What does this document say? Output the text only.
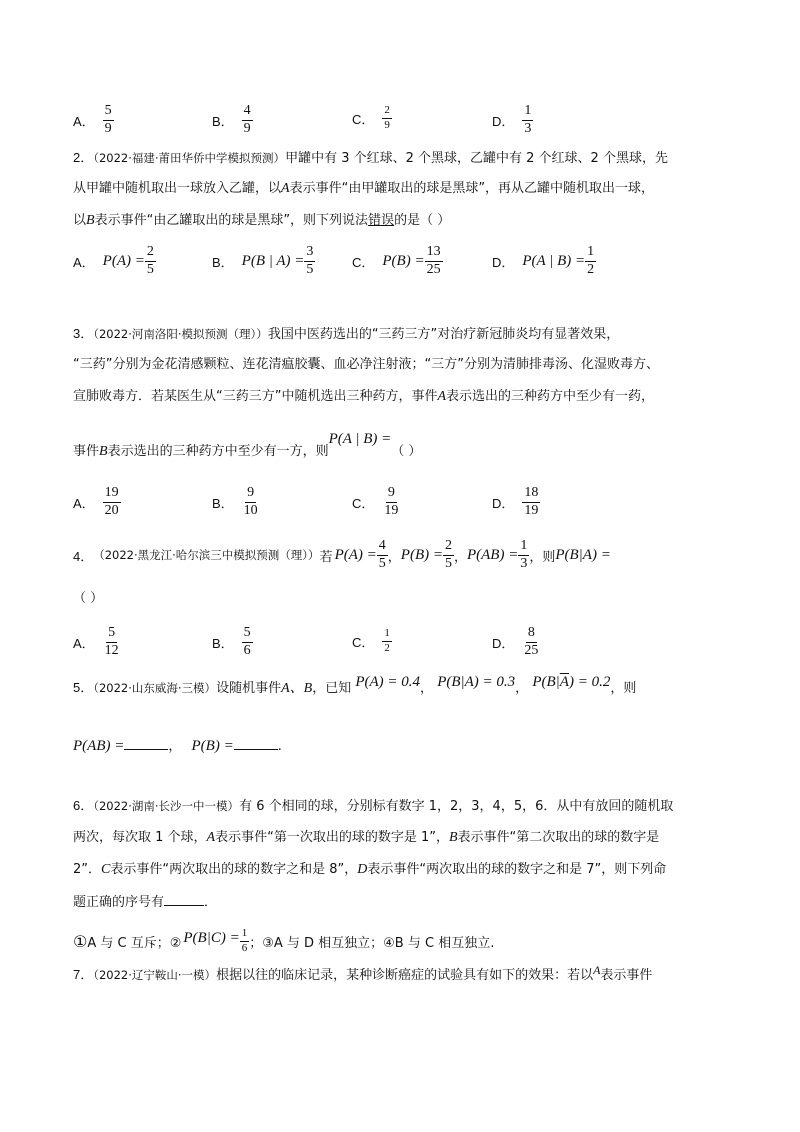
A． $\frac{5}{9}$	B． $\frac{4}{9}$	C． $\frac{2}{9}$	D． $\frac{1}{3}$
2．（2022·福建·莆田华侨中学模拟预测）甲罐中有 3 个红球、2 个黑球，乙罐中有 2 个红球、2 个黑球，先
从甲罐中随机取出一球放入乙罐，以A表示事件“由甲罐取出的球是黑球”，再从乙罐中随机取出一球，
以B表示事件“由乙罐取出的球是黑球”，则下列说法错误的是（ ）
A． $P(A) = \frac{2}{5}$	B． P(B | $A) = \frac{3}{5}$	C． $P(B) = \frac{13}{25}$	D． P(A | $B) = \frac{1}{2}$
3．（2022·河南洛阳·模拟预测（理））我国中医药选出的“三药三方”对治疗新冠肺炎均有显著效果，
“三药”分别为金花清感颗粒、连花清瘟胶囊、血必净注射液；“三方”分别为清肺排毒汤、化湿败毒方、
宣肺败毒方．若某医生从“三药三方”中随机选出三种药方，事件A表示选出的三种药方中至少有一药，
事件B表示选出的三种药方中至少有一方，则P(A | B) =（ ）
A． $\frac{19}{20}$	B． $\frac{9}{10}$	C． $\frac{9}{19}$	D． $\frac{18}{19}$
4． （2022·黑龙江·哈尔滨三中模拟预测（理）） 若 $P(A) = \frac{4}{5}$ ， $P(B) = \frac{2}{5}$ ， $P(AB) = \frac{1}{3}$ ，则 P(B|A) =
（ ）
A． $\frac{5}{12}$	B． $\frac{5}{6}$	C． $\frac{1}{2}$	D． $\frac{8}{25}$
5．（2022·山东威海·三模）设随机事件A、B，已知 P(A) = 0.4， P(B|A) = 0.3， $P(B|\overline{A}) = 0.2$，则
P(AB) =	， P(B) =	.
6．（2022·湖南·长沙一中一模）有 6 个相同的球，分别标有数字 1，2，3，4，5，6．从中有放回的随机取
两次，每次取 1 个球，A表示事件“第一次取出的球的数字是 1”，B表示事件“第二次取出的球的数字是
2”．C表示事件“两次取出的球的数字之和是 8”，D表示事件“两次取出的球的数字之和是 7”，则下列命
题正确的序号有	．
① A 与 C 互斥；② $P(B|C) = \frac{1}{6}$ ；③A 与 D 相互独立；④B 与 C 相互独立.
7．（2022·辽宁鞍山·一模）根据以往的临床记录，某种诊断癌症的试验具有如下的效果：若以A表示事件
